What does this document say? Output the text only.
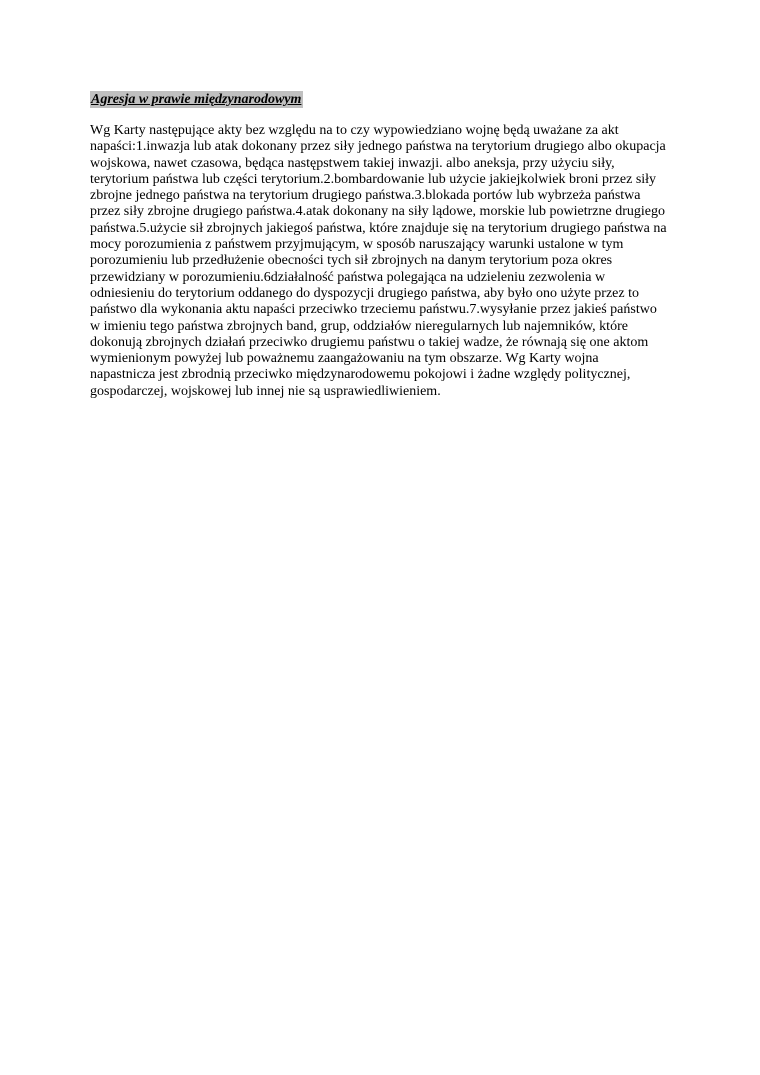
Agresja w prawie międzynarodowym
Wg Karty następujące akty bez względu na to czy wypowiedziano wojnę będą uważane za akt
napaści:1.inwazja lub atak dokonany przez siły jednego państwa na terytorium drugiego albo okupacja
wojskowa, nawet czasowa, będąca następstwem takiej inwazji. albo aneksja, przy użyciu siły,
terytorium państwa lub części terytorium.2.bombardowanie lub użycie jakiejkolwiek broni przez siły
zbrojne jednego państwa na terytorium drugiego państwa.3.blokada portów lub wybrzeża państwa
przez siły zbrojne drugiego państwa.4.atak dokonany na siły lądowe, morskie lub powietrzne drugiego
państwa.5.użycie sił zbrojnych jakiegoś państwa, które znajduje się na terytorium drugiego państwa na
mocy porozumienia z państwem przyjmującym, w sposób naruszający warunki ustalone w tym
porozumieniu lub przedłużenie obecności tych sił zbrojnych na danym terytorium poza okres
przewidziany w porozumieniu.6działalność państwa polegająca na udzieleniu zezwolenia w
odniesieniu do terytorium oddanego do dyspozycji drugiego państwa, aby było ono użyte przez to
państwo dla wykonania aktu napaści przeciwko trzeciemu państwu.7.wysyłanie przez jakieś państwo
w imieniu tego państwa zbrojnych band, grup, oddziałów nieregularnych lub najemników, które
dokonują zbrojnych działań przeciwko drugiemu państwu o takiej wadze, że równają się one aktom
wymienionym powyżej lub poważnemu zaangażowaniu na tym obszarze. Wg Karty wojna
napastnicza jest zbrodnią przeciwko międzynarodowemu pokojowi i żadne względy politycznej,
gospodarczej, wojskowej lub innej nie są usprawiedliwieniem.
